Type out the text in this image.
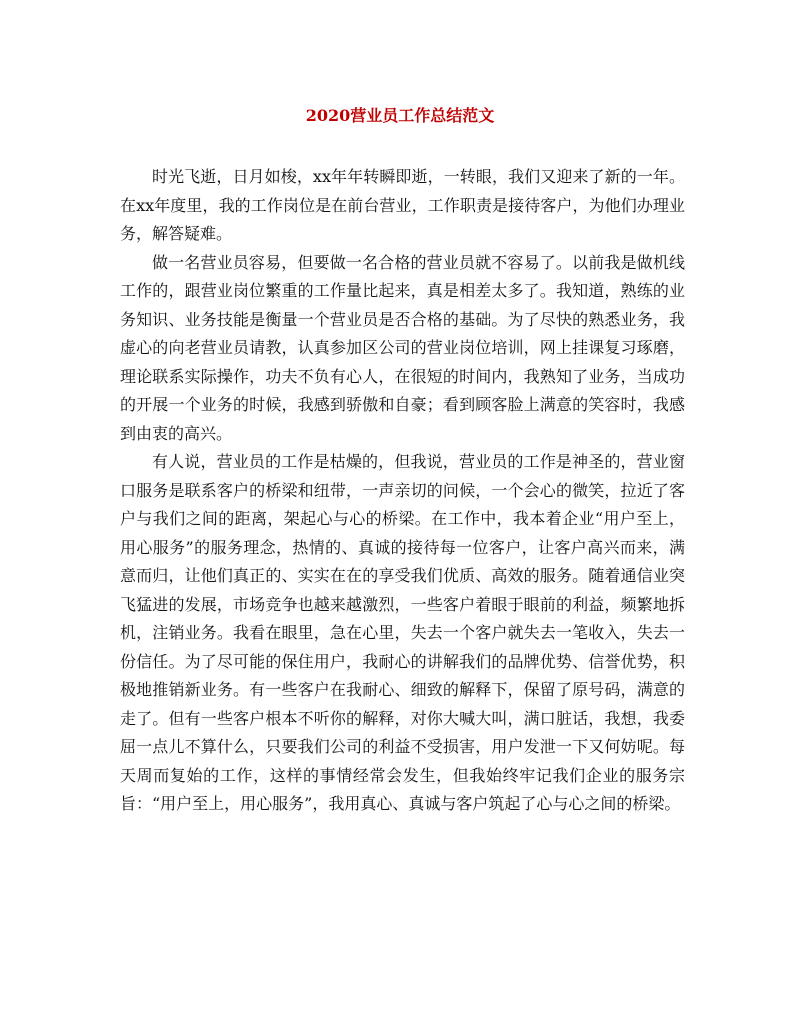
2020营业员工作总结范文

时光飞逝，日月如梭，xx年年转瞬即逝，一转眼，我们又迎来了新的一年。在xx年度里，我的工作岗位是在前台营业，工作职责是接待客户，为他们办理业务，解答疑难。

做一名营业员容易，但要做一名合格的营业员就不容易了。以前我是做机线工作的，跟营业岗位繁重的工作量比起来，真是相差太多了。我知道，熟练的业务知识、业务技能是衡量一个营业员是否合格的基础。为了尽快的熟悉业务，我虚心的向老营业员请教，认真参加区公司的营业岗位培训，网上挂课复习琢磨，理论联系实际操作，功夫不负有心人，在很短的时间内，我熟知了业务，当成功的开展一个业务的时候，我感到骄傲和自豪；看到顾客脸上满意的笑容时，我感到由衷的高兴。

有人说，营业员的工作是枯燥的，但我说，营业员的工作是神圣的，营业窗口服务是联系客户的桥梁和纽带，一声亲切的问候，一个会心的微笑，拉近了客户与我们之间的距离，架起心与心的桥梁。在工作中，我本着企业“用户至上，用心服务”的服务理念，热情的、真诚的接待每一位客户，让客户高兴而来，满意而归，让他们真正的、实实在在的享受我们优质、高效的服务。随着通信业突飞猛进的发展，市场竞争也越来越激烈，一些客户着眼于眼前的利益，频繁地拆机，注销业务。我看在眼里，急在心里，失去一个客户就失去一笔收入，失去一份信任。为了尽可能的保住用户，我耐心的讲解我们的品牌优势、信誉优势，积极地推销新业务。有一些客户在我耐心、细致的解释下，保留了原号码，满意的走了。但有一些客户根本不听你的解释，对你大喊大叫，满口脏话，我想，我委屈一点儿不算什么，只要我们公司的利益不受损害，用户发泄一下又何妨呢。每天周而复始的工作，这样的事情经常会发生，但我始终牢记我们企业的服务宗旨：“用户至上，用心服务”，我用真心、真诚与客户筑起了心与心之间的桥梁。
